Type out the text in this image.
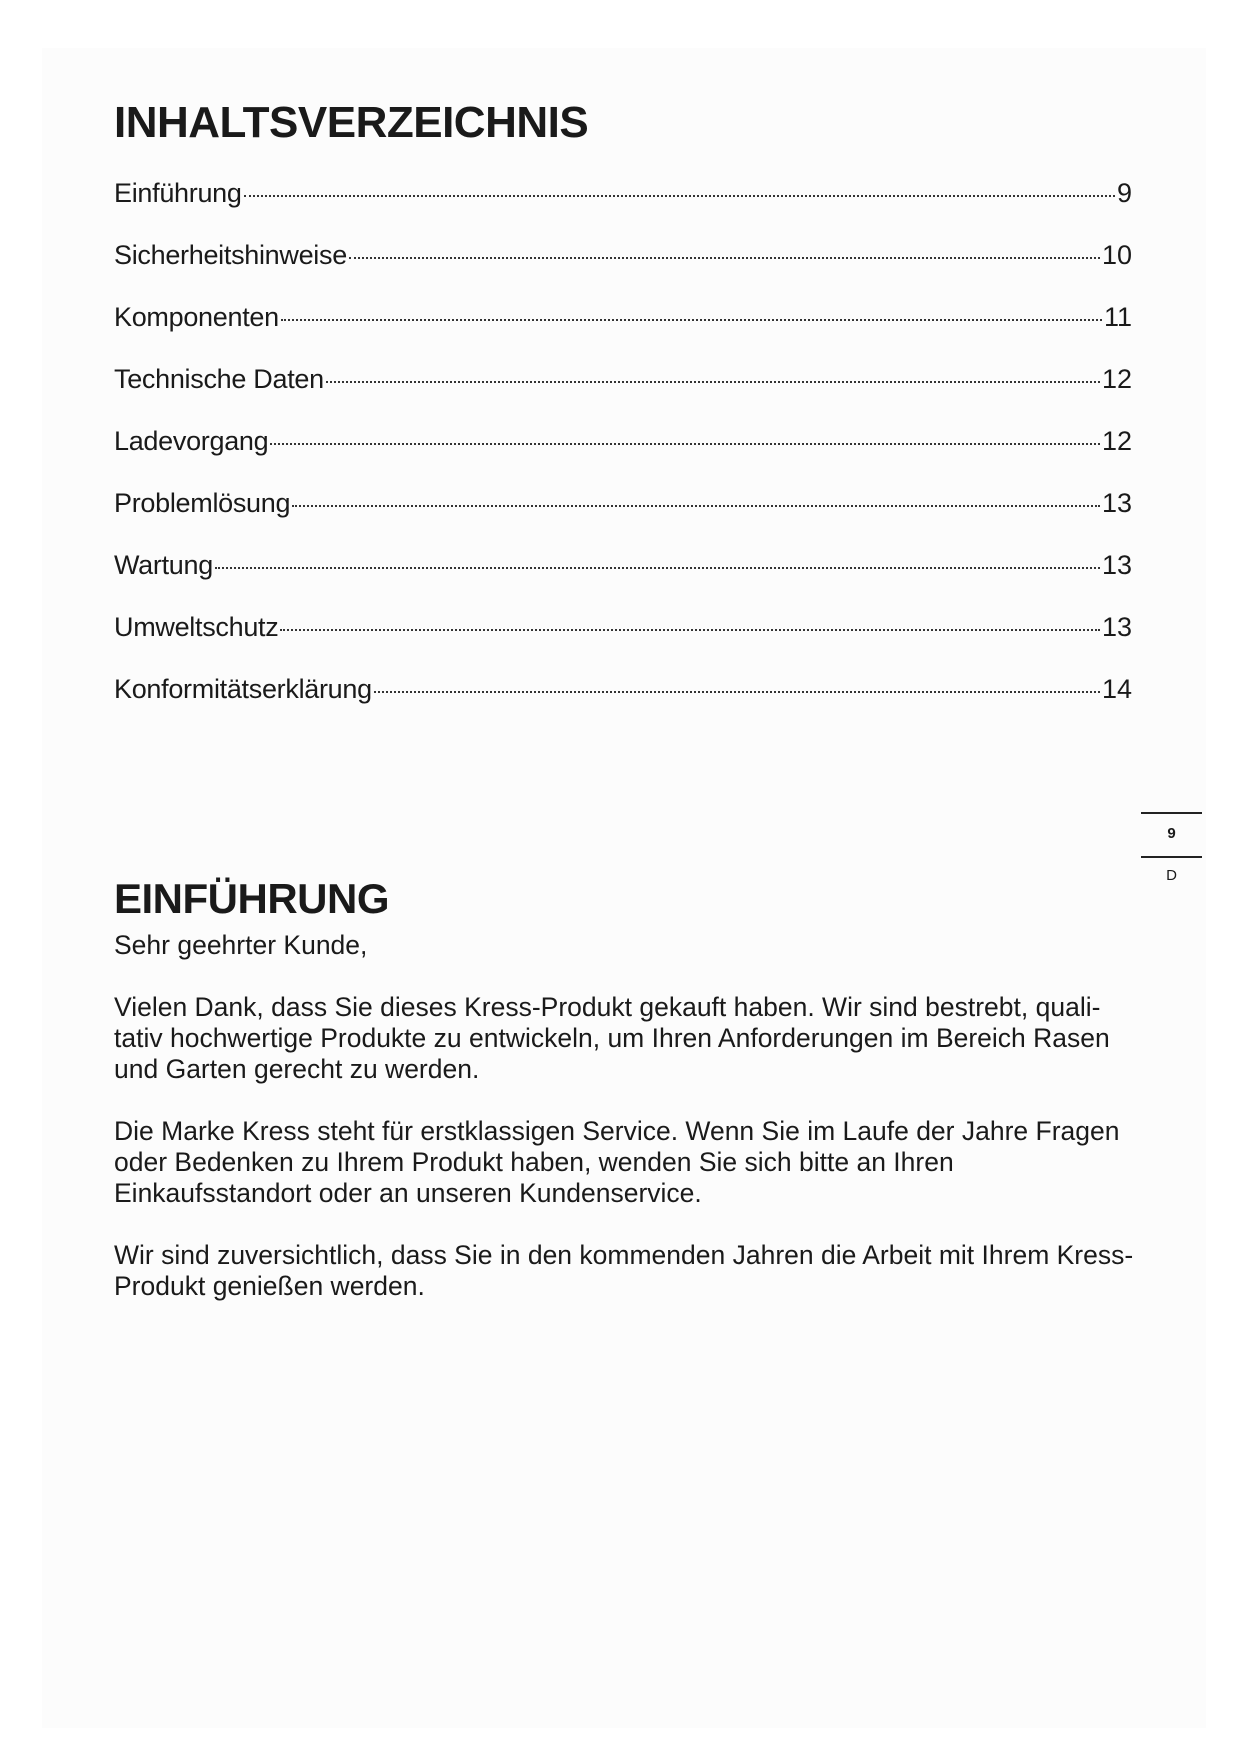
INHALTSVERZEICHNIS
Einführung	9
Sicherheitshinweise	10
Komponenten	11
Technische Daten	12
Ladevorgang	12
Problemlösung	13
Wartung	13
Umweltschutz	13
Konformitätserklärung	14
9
D
EINFÜHRUNG

Sehr geehrter Kunde,

Vielen Dank, dass Sie dieses Kress-Produkt gekauft haben. Wir sind bestrebt, quali-tativ hochwertige Produkte zu entwickeln, um Ihren Anforderungen im Bereich Rasen und Garten gerecht zu werden.

Die Marke Kress steht für erstklassigen Service. Wenn Sie im Laufe der Jahre Fragen oder Bedenken zu Ihrem Produkt haben, wenden Sie sich bitte an Ihren Einkaufsstandort oder an unseren Kundenservice.

Wir sind zuversichtlich, dass Sie in den kommenden Jahren die Arbeit mit Ihrem Kress-Produkt genießen werden.
